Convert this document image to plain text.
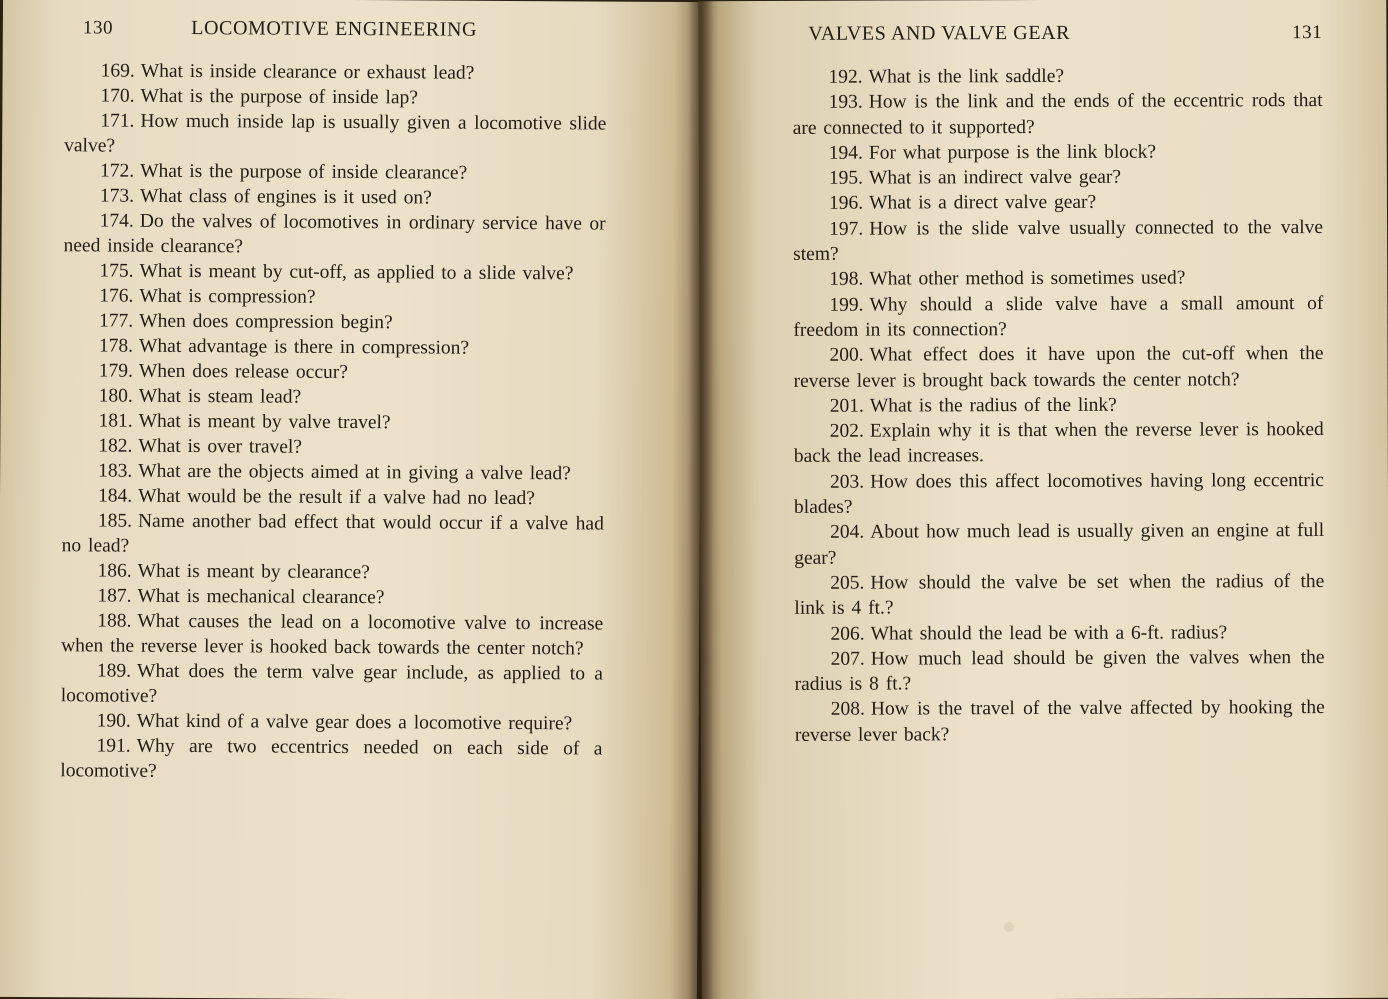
130	LOCOMOTIVE ENGINEERING
169. What is inside clearance or exhaust lead?
170. What is the purpose of inside lap?
171. How much inside lap is usually given a locomotive slide valve?
172. What is the purpose of inside clearance?
173. What class of engines is it used on?
174. Do the valves of locomotives in ordinary service have or need inside clearance?
175. What is meant by cut-off, as applied to a slide valve?
176. What is compression?
177. When does compression begin?
178. What advantage is there in compression?
179. When does release occur?
180. What is steam lead?
181. What is meant by valve travel?
182. What is over travel?
183. What are the objects aimed at in giving a valve lead?
184. What would be the result if a valve had no lead?
185. Name another bad effect that would occur if a valve had no lead?
186. What is meant by clearance?
187. What is mechanical clearance?
188. What causes the lead on a locomotive valve to increase when the reverse lever is hooked back towards the center notch?
189. What does the term valve gear include, as applied to a locomotive?
190. What kind of a valve gear does a locomotive require?
191. Why are two eccentrics needed on each side of a locomotive?
VALVES AND VALVE GEAR	131
192. What is the link saddle?
193. How is the link and the ends of the eccentric rods that are connected to it supported?
194. For what purpose is the link block?
195. What is an indirect valve gear?
196. What is a direct valve gear?
197. How is the slide valve usually connected to the valve stem?
198. What other method is sometimes used?
199. Why should a slide valve have a small amount of freedom in its connection?
200. What effect does it have upon the cut-off when the reverse lever is brought back towards the center notch?
201. What is the radius of the link?
202. Explain why it is that when the reverse lever is hooked back the lead increases.
203. How does this affect locomotives having long eccentric blades?
204. About how much lead is usually given an engine at full gear?
205. How should the valve be set when the radius of the link is 4 ft.?
206. What should the lead be with a 6-ft. radius?
207. How much lead should be given the valves when the radius is 8 ft.?
208. How is the travel of the valve affected by hooking the reverse lever back?
